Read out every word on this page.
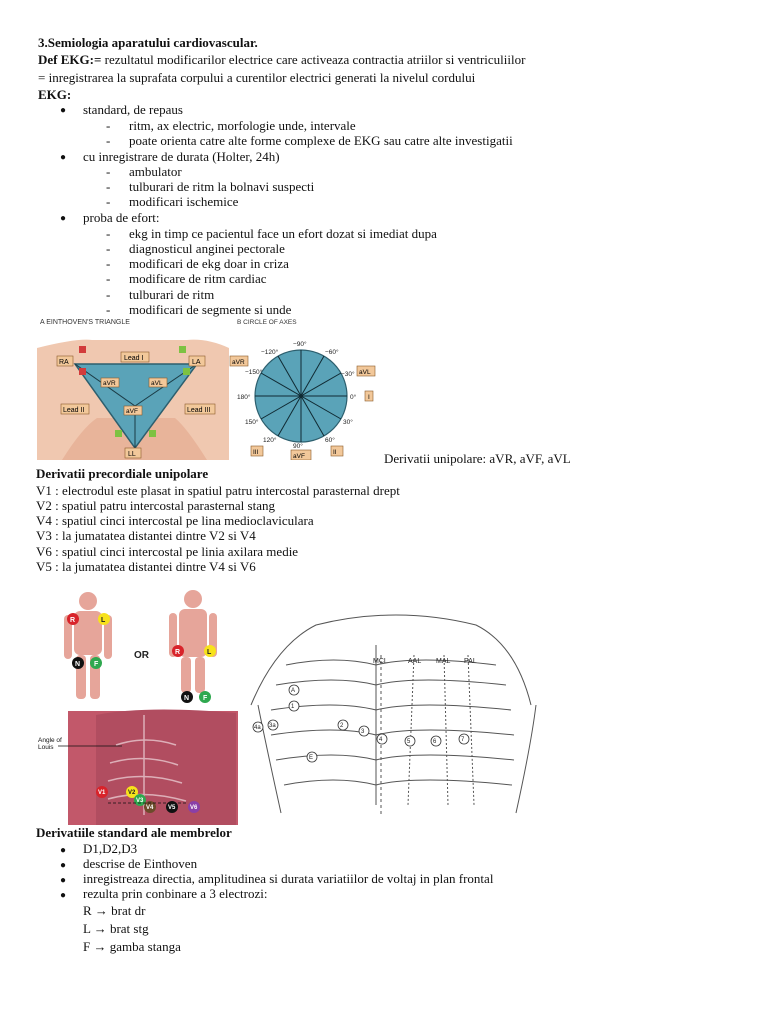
3.Semiologia aparatului cardiovascular.
Def EKG:= rezultatul modificarilor electrice care activeaza contractia atriilor si ventriculiilor
= inregistrarea la suprafata corpului a curentilor electrici generati la nivelul cordului
EKG:
● standard, de repaus
- ritm, ax electric, morfologie unde, intervale
- poate orienta catre alte forme complexe de EKG sau catre alte investigatii
● cu inregistrare de durata (Holter, 24h)
- ambulator
- tulburari de ritm la bolnavi suspecti
- modificari ischemice
● proba de efort:
- ekg in timp ce pacientul face un efort dozat si imediat dupa
- diagnosticul anginei pectorale
- modificari de ekg doar in criza
- modificare de ritm cardiac
- tulburari de ritm
- modificari de segmente si unde
A EINTHOVEN'S TRIANGLE
RA	LA
Lead I
Lead II	Lead III
aVR	aVL
aVF
LL
B CIRCLE OF AXES
−90°
−120°	−60°
−150°	−30°
180°	0°
150°	30°
120°	60°
90°
aVR
aVL
I
III
aVF
II	Derivatii unipolare: aVR, aVF, aVL
Derivatii precordiale unipolare
V1 : electrodul este plasat in spatiul patru intercostal parasternal drept
V2 : spatiul patru intercostal parasternal stang
V4 : spatiul cinci intercostal pe lina medioclaviculara
V3 : la jumatatea distantei dintre V2 si V4
V6 : spatiul cinci intercostal pe linia axilara medie
V5 : la jumatatea distantei dintre V4 si V6
R	L
N F
R	L
N F
OR
Angle of Louis
V1	V2
V3
V4 V5 V6
MCL	AAL MAL PAL
1
2
3
4	5	6	7
4a 3a
A
E
Derivatiile standard ale membrelor
● D1,D2,D3
● descrise de Einthoven
● inregistreaza directia, amplitudinea si durata variatiilor de voltaj in plan frontal
● rezulta prin conbinare a 3 electrozi:
R → brat dr
L → brat stg
F → gamba stanga
